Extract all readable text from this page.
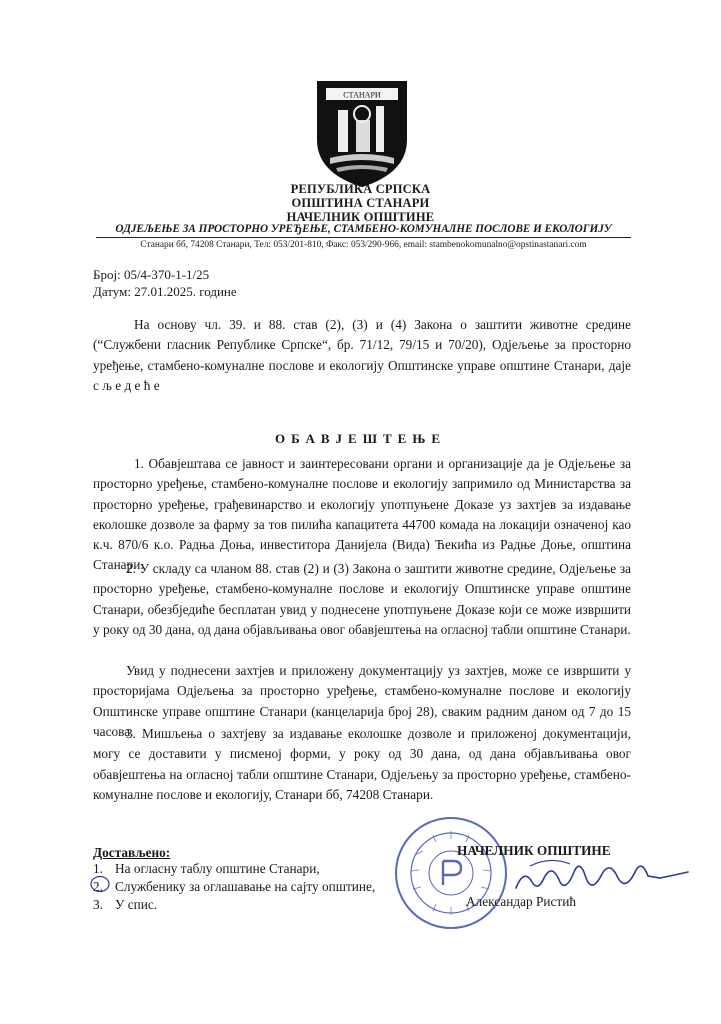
СТАНАРИ
РЕПУБЛИКА СРПСКА
ОПШТИНА СТАНАРИ
НАЧЕЛНИК ОПШТИНЕ
ОДЈЕЉЕЊЕ ЗА ПРОСТОРНО УРЕЂЕЊЕ, СТАМБЕНО-КОМУНАЛНЕ ПОСЛОВЕ И ЕКОЛОГИЈУ
Станари бб, 74208 Станари, Тел: 053/201-810, Факс: 053/290-966, email: stambenokomunalno@opstinastanari.com
Број: 05/4-370-1-1/25
Датум: 27.01.2025. године

На основу чл. 39. и 88. став (2), (3) и (4) Закона о заштити животне средине (“Службени гласник Републике Српске“, бр. 71/12, 79/15 и 70/20), Одјељење за просторно уређење, стамбено-комуналне послове и екологију Општинске управе општине Станари, даје с љ е д е ћ е

ОБАВЈЕШТЕЊЕ

1. Обавјештава се јавност и заинтересовани органи и организације да је Одјељење за просторно уређење, стамбено-комуналне послове и екологију запримило од Министарства за просторно уређење, грађевинарство и екологију употпуњене Доказе уз захтјев за издавање еколошке дозволе за фарму за тов пилића капацитета 44700 комада на локацији означеној као к.ч. 870/6 к.о. Радња Доња, инвеститора Данијела (Вида) Ћекића из Радње Доње, општина Станари.

2. У складу са чланом 88. став (2) и (3) Закона о заштити животне средине, Одјељење за просторно уређење, стамбено-комуналне послове и екологију Општинске управе општине Станари, обезбједиће бесплатан увид у поднесене употпуњене Доказе који се може извршити у року од 30 дана, од дана објављивања овог обавјештења на огласној табли општине Станари.

Увид у поднесени захтјев и приложену документацију уз захтјев, може се извршити у просторијама Одјељења за просторно уређење, стамбено-комуналне послове и екологију Општинске управе општине Станари (канцеларија број 28), сваким радним даном од 7 до 15 часова.

3. Мишљења о захтјеву за издавање еколошке дозволе и приложеној документацији, могу се доставити у писменој форми, у року од 30 дана, од дана објављивања овог обавјештења на огласној табли општине Станари, Одјељењу за просторно уређење, стамбено-комуналне послове и екологију, Станари бб, 74208 Станари.

Достављено:
1. На огласну таблу општине Станари,
2. Службенику за оглашавање на сајту општине,
3. У спис.
НАЧЕЛНИК ОПШТИНЕ
Александар Ристић
